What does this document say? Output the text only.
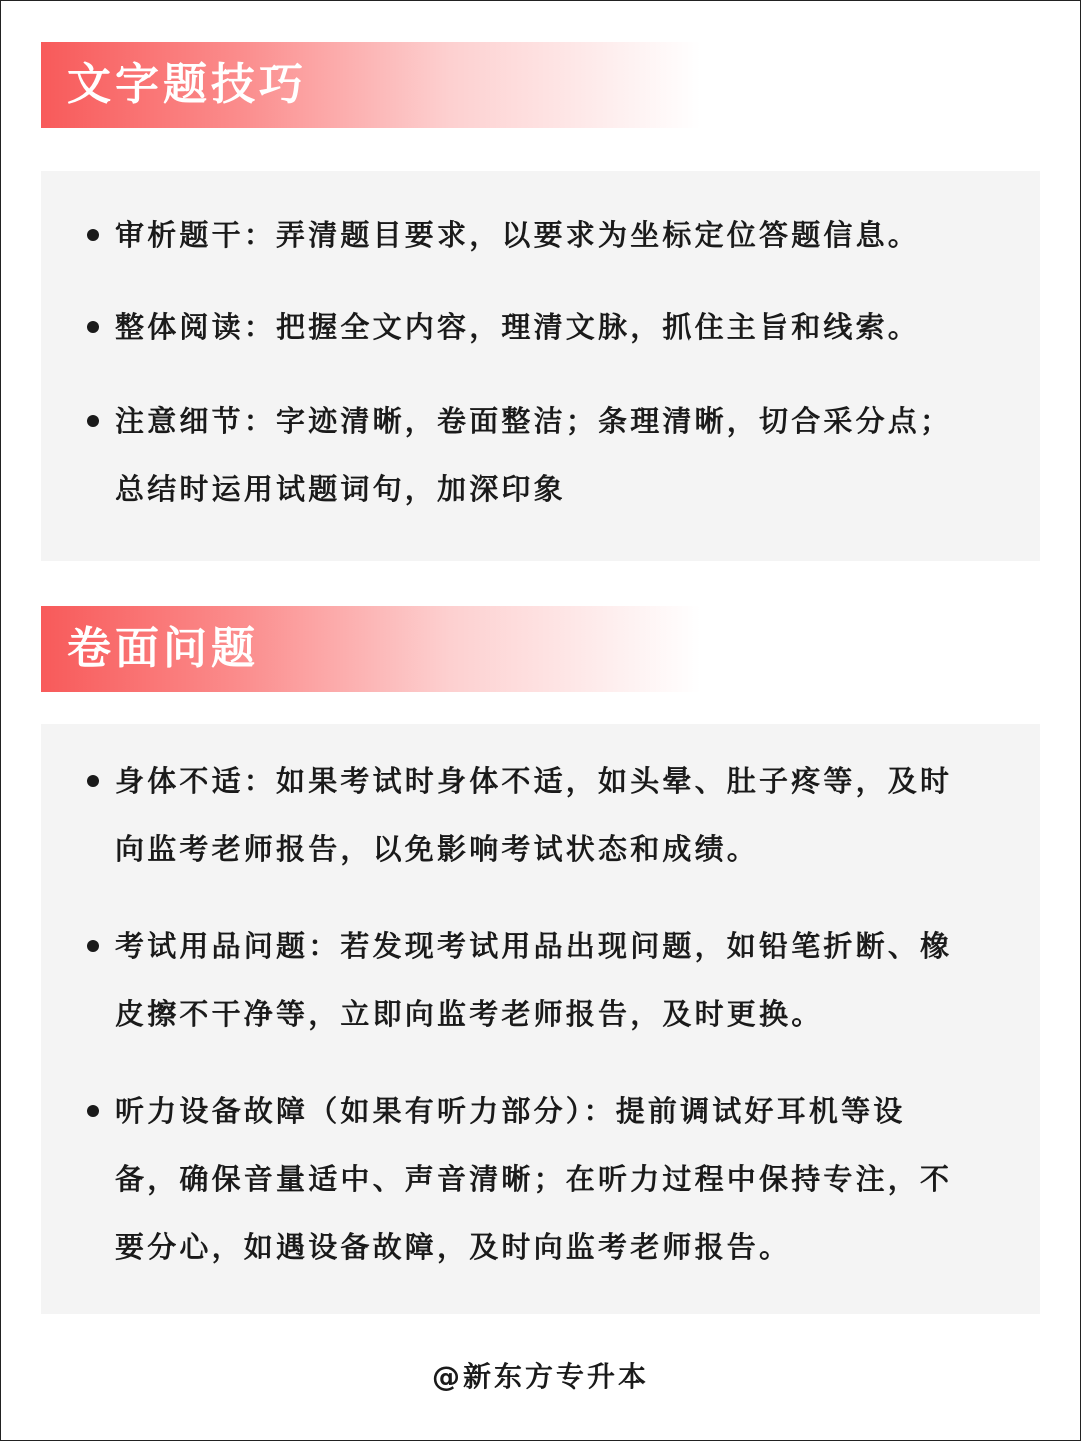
文字题技巧
审析题干：弄清题目要求，以要求为坐标定位答题信息。
整体阅读：把握全文内容，理清文脉，抓住主旨和线索。
注意细节：字迹清晰，卷面整洁；条理清晰，切合采分点；
总结时运用试题词句，加深印象
卷面问题
身体不适：如果考试时身体不适，如头晕、肚子疼等，及时
向监考老师报告，以免影响考试状态和成绩。
考试用品问题：若发现考试用品出现问题，如铅笔折断、橡
皮擦不干净等，立即向监考老师报告，及时更换。
听力设备故障（如果有听力部分）：提前调试好耳机等设
备，确保音量适中、声音清晰；在听力过程中保持专注，不
要分心，如遇设备故障，及时向监考老师报告。
@新东方专升本
